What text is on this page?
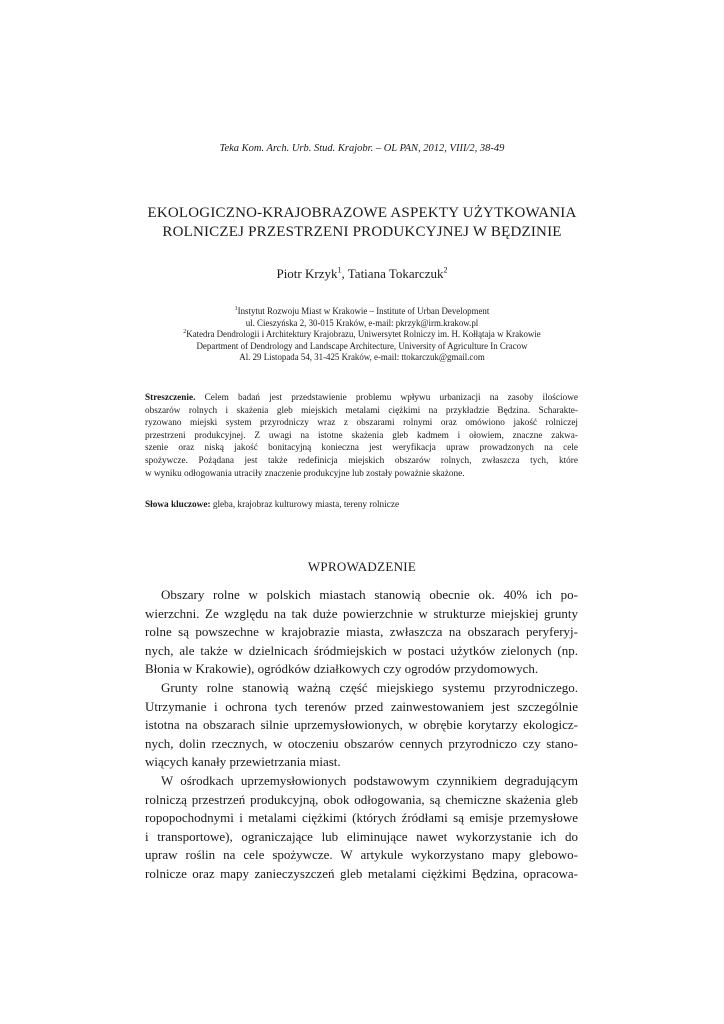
Teka Kom. Arch. Urb. Stud. Krajobr. – OL PAN, 2012, VIII/2, 38-49
EKOLOGICZNO-KRAJOBRAZOWE ASPEKTY UŻYTKOWANIA
ROLNICZEJ PRZESTRZENI PRODUKCYJNEJ W BĘDZINIE
Piotr Krzyk$^1$, Tatiana Tokarczuk$^2$
$^1$Instytut Rozwoju Miast w Krakowie – Institute of Urban Development
ul. Cieszyńska 2, 30-015 Kraków, e-mail: pkrzyk@irm.krakow.pl
$^2$Katedra Dendrologii i Architektury Krajobrazu, Uniwersytet Rolniczy im. H. Kołłątaja w Krakowie
Department of Dendrology and Landscape Architecture, University of Agriculture In Cracow
Al. 29 Listopada 54, 31-425 Kraków, e-mail: ttokarczuk@gmail.com
Streszczenie. Celem badań jest przedstawienie problemu wpływu urbanizacji na zasoby ilościowe
obszarów rolnych i skażenia gleb miejskich metalami ciężkimi na przykładzie Będzina. Scharakte-
ryzowano miejski system przyrodniczy wraz z obszarami rolnymi oraz omówiono jakość rolniczej
przestrzeni produkcyjnej. Z uwagi na istotne skażenia gleb kadmem i ołowiem, znaczne zakwa-
szenie oraz niską jakość bonitacyjną konieczna jest weryfikacja upraw prowadzonych na cele
spożywcze. Pożądana jest także redefinicja miejskich obszarów rolnych, zwłaszcza tych, które
w wyniku odłogowania utraciły znaczenie produkcyjne lub zostały poważnie skażone.
Słowa kluczowe: gleba, krajobraz kulturowy miasta, tereny rolnicze
WPROWADZENIE
Obszary rolne w polskich miastach stanowią obecnie ok. 40% ich po-
wierzchni. Ze względu na tak duże powierzchnie w strukturze miejskiej grunty
rolne są powszechne w krajobrazie miasta, zwłaszcza na obszarach peryferyj-
nych, ale także w dzielnicach śródmiejskich w postaci użytków zielonych (np.
Błonia w Krakowie), ogródków działkowych czy ogrodów przydomowych.
Grunty rolne stanowią ważną część miejskiego systemu przyrodniczego.
Utrzymanie i ochrona tych terenów przed zainwestowaniem jest szczególnie
istotna na obszarach silnie uprzemysłowionych, w obrębie korytarzy ekologicz-
nych, dolin rzecznych, w otoczeniu obszarów cennych przyrodniczo czy stano-
wiących kanały przewietrzania miast.
W ośrodkach uprzemysłowionych podstawowym czynnikiem degradującym
rolniczą przestrzeń produkcyjną, obok odłogowania, są chemiczne skażenia gleb
ropopochodnymi i metalami ciężkimi (których źródłami są emisje przemysłowe
i transportowe), ograniczające lub eliminujące nawet wykorzystanie ich do
upraw roślin na cele spożywcze. W artykule wykorzystano mapy glebowo-
rolnicze oraz mapy zanieczyszczeń gleb metalami ciężkimi Będzina, opracowa-
